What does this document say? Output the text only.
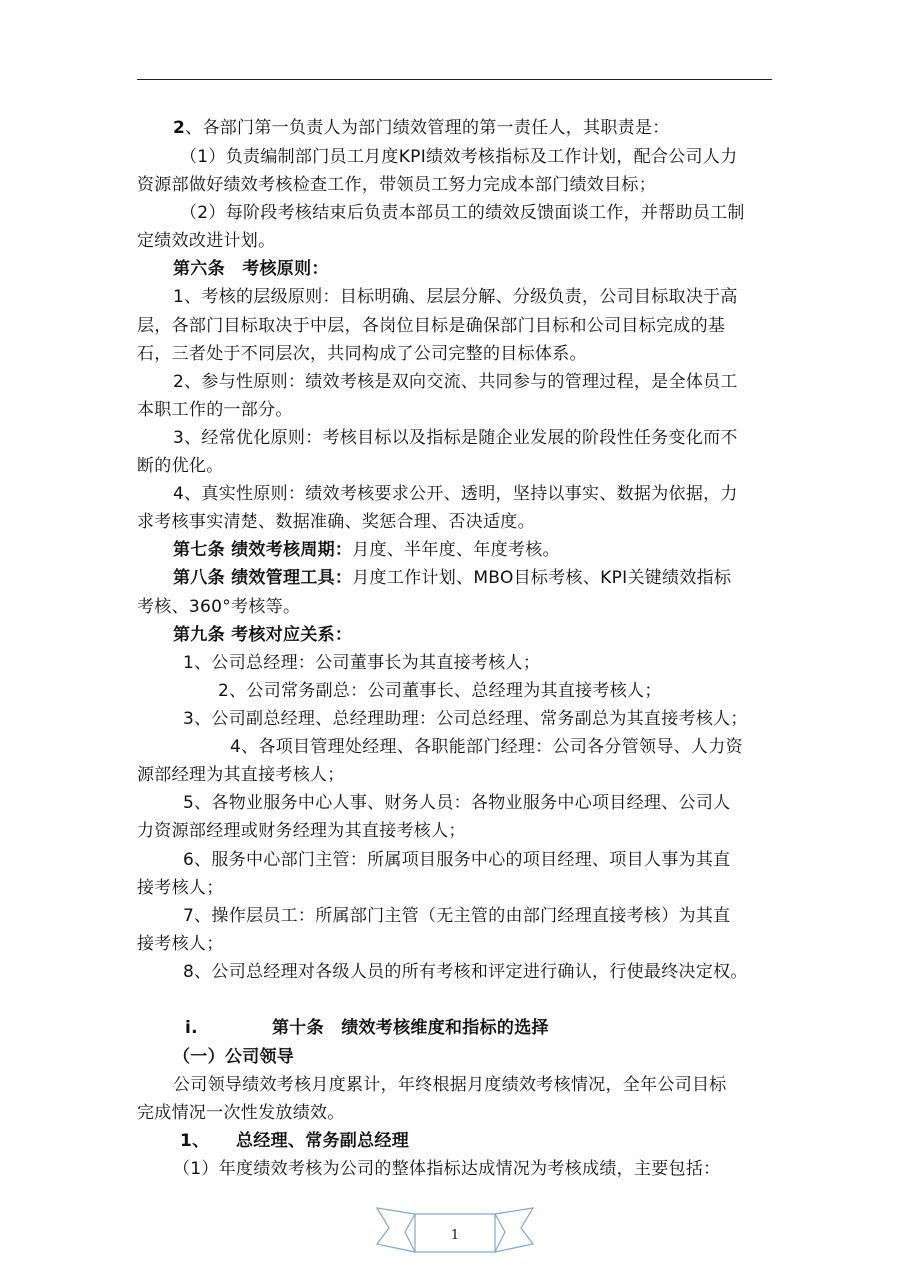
2、各部门第一负责人为部门绩效管理的第一责任人，其职责是：
（1）负责编制部门员工月度KPI绩效考核指标及工作计划，配合公司人力
资源部做好绩效考核检查工作，带领员工努力完成本部门绩效目标；
（2）每阶段考核结束后负责本部员工的绩效反馈面谈工作，并帮助员工制
定绩效改进计划。
第六条　考核原则：
1、考核的层级原则：目标明确、层层分解、分级负责，公司目标取决于高
层，各部门目标取决于中层，各岗位目标是确保部门目标和公司目标完成的基
石，三者处于不同层次，共同构成了公司完整的目标体系。
2、参与性原则：绩效考核是双向交流、共同参与的管理过程，是全体员工
本职工作的一部分。
3、经常优化原则：考核目标以及指标是随企业发展的阶段性任务变化而不
断的优化。
4、真实性原则：绩效考核要求公开、透明，坚持以事实、数据为依据，力
求考核事实清楚、数据准确、奖惩合理、否决适度。
第七条 绩效考核周期：月度、半年度、年度考核。
第八条 绩效管理工具：月度工作计划、MBO目标考核、KPI关键绩效指标
考核、360°考核等。
第九条 考核对应关系：
1、公司总经理：公司董事长为其直接考核人；
2、公司常务副总：公司董事长、总经理为其直接考核人；
3、公司副总经理、总经理助理：公司总经理、常务副总为其直接考核人；
4、各项目管理处经理、各职能部门经理：公司各分管领导、人力资
源部经理为其直接考核人；
5、各物业服务中心人事、财务人员：各物业服务中心项目经理、公司人
力资源部经理或财务经理为其直接考核人；
6、服务中心部门主管：所属项目服务中心的项目经理、项目人事为其直
接考核人；
7、操作层员工：所属部门主管（无主管的由部门经理直接考核）为其直
接考核人；
8、公司总经理对各级人员的所有考核和评定进行确认，行使最终决定权。
i.	第十条　绩效考核维度和指标的选择
（一）公司领导
公司领导绩效考核月度累计，年终根据月度绩效考核情况，全年公司目标
完成情况一次性发放绩效。
1、 总经理、常务副总经理
（1）年度绩效考核为公司的整体指标达成情况为考核成绩，主要包括：
1
